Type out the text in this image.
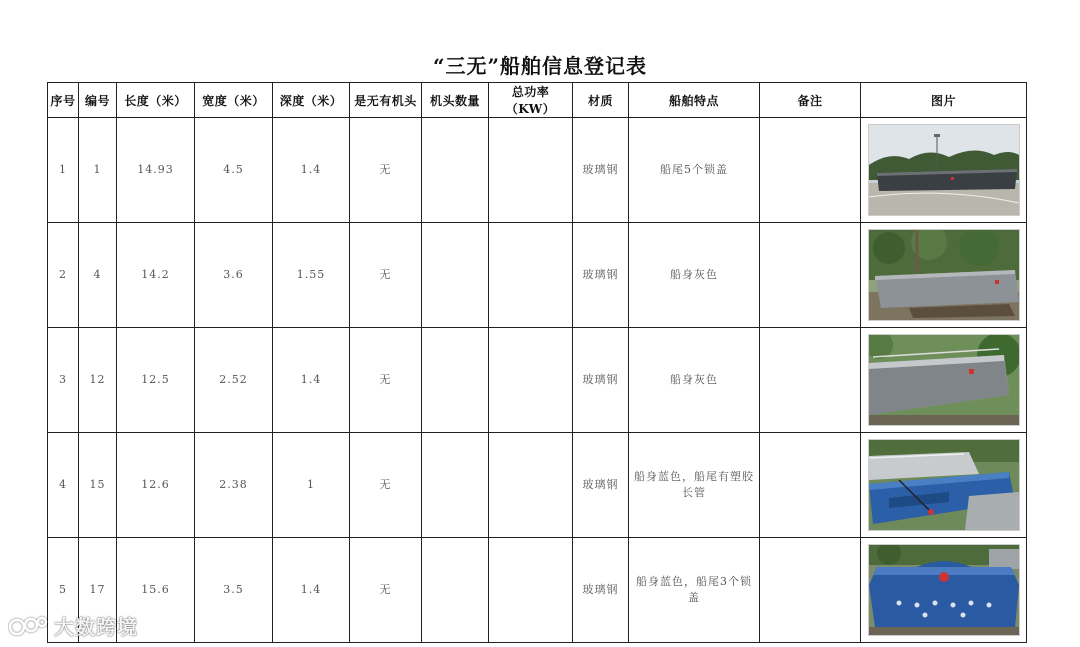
“三无”船舶信息登记表
序号	编号	长度（米）	宽度（米）	深度（米）	是无有机头	机头数量	总功率（KW）	材质	船舶特点	备注	图片
1	1	14.93	4.5	1.4	无			玻璃钢	船尾5个锁盖		

2	4	14.2	3.6	1.55	无			玻璃钢	船身灰色		

3	12	12.5	2.52	1.4	无			玻璃钢	船身灰色		

4	15	12.6	2.38	1	无			玻璃钢	船身蓝色，船尾有塑胶长管		

5	17	15.6	3.5	1.4	无			玻璃钢	船身蓝色，船尾3个锁盖		
大数跨境
